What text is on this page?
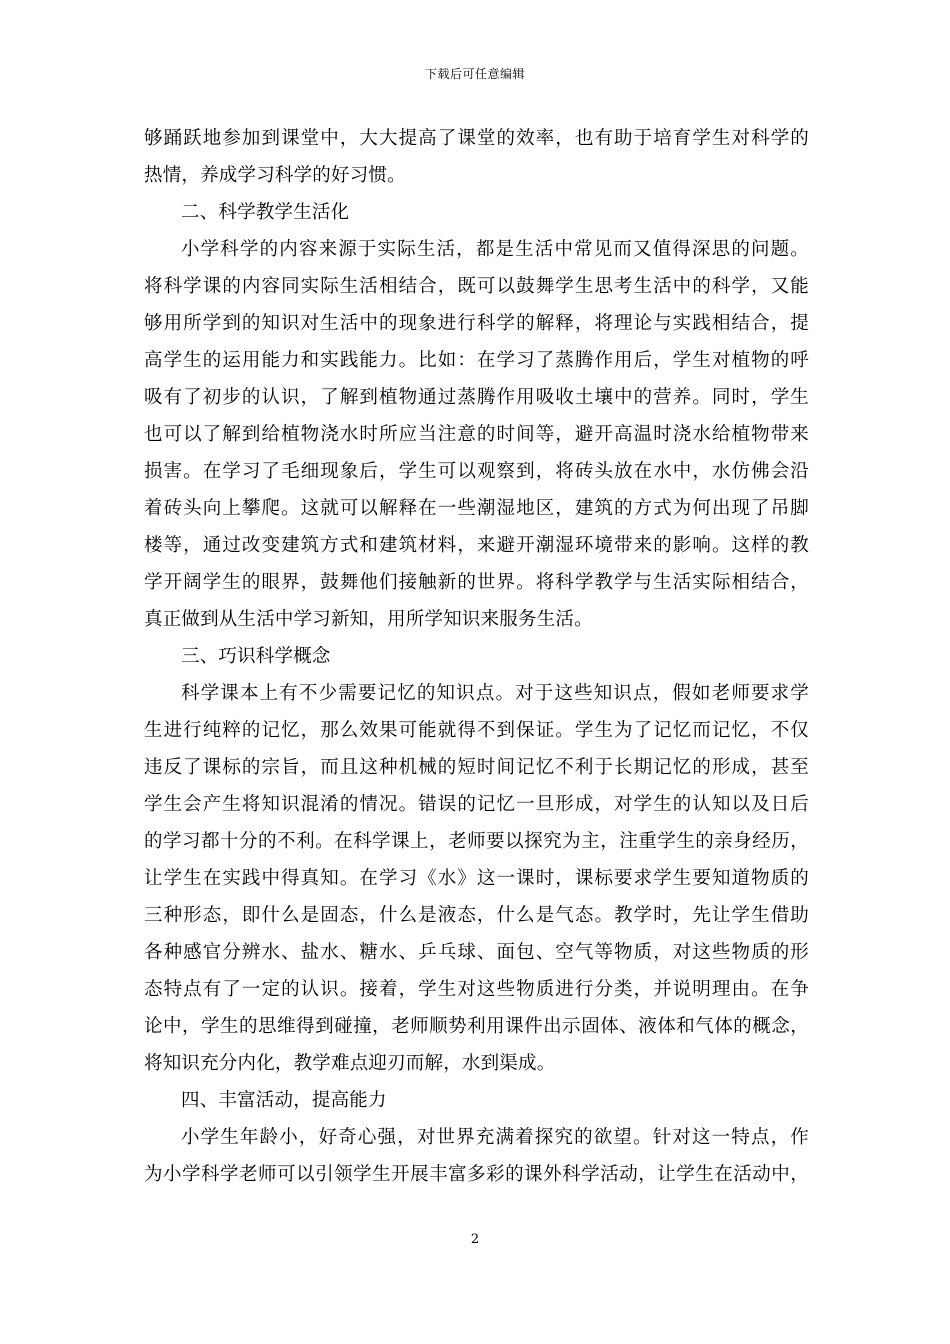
下载后可任意编辑
够踊跃地参加到课堂中，大大提高了课堂的效率，也有助于培育学生对科学的
热情，养成学习科学的好习惯。
二、科学教学生活化
小学科学的内容来源于实际生活，都是生活中常见而又值得深思的问题。
将科学课的内容同实际生活相结合，既可以鼓舞学生思考生活中的科学，又能
够用所学到的知识对生活中的现象进行科学的解释，将理论与实践相结合，提
高学生的运用能力和实践能力。比如：在学习了蒸腾作用后，学生对植物的呼
吸有了初步的认识，了解到植物通过蒸腾作用吸收土壤中的营养。同时，学生
也可以了解到给植物浇水时所应当注意的时间等，避开高温时浇水给植物带来
损害。在学习了毛细现象后，学生可以观察到，将砖头放在水中，水仿佛会沿
着砖头向上攀爬。这就可以解释在一些潮湿地区，建筑的方式为何出现了吊脚
楼等，通过改变建筑方式和建筑材料，来避开潮湿环境带来的影响。这样的教
学开阔学生的眼界，鼓舞他们接触新的世界。将科学教学与生活实际相结合，
真正做到从生活中学习新知，用所学知识来服务生活。
三、巧识科学概念
科学课本上有不少需要记忆的知识点。对于这些知识点，假如老师要求学
生进行纯粹的记忆，那么效果可能就得不到保证。学生为了记忆而记忆，不仅
违反了课标的宗旨，而且这种机械的短时间记忆不利于长期记忆的形成，甚至
学生会产生将知识混淆的情况。错误的记忆一旦形成，对学生的认知以及日后
的学习都十分的不利。在科学课上，老师要以探究为主，注重学生的亲身经历，
让学生在实践中得真知。在学习《水》这一课时，课标要求学生要知道物质的
三种形态，即什么是固态，什么是液态，什么是气态。教学时，先让学生借助
各种感官分辨水、盐水、糖水、乒乓球、面包、空气等物质，对这些物质的形
态特点有了一定的认识。接着，学生对这些物质进行分类，并说明理由。在争
论中，学生的思维得到碰撞，老师顺势利用课件出示固体、液体和气体的概念，
将知识充分内化，教学难点迎刃而解，水到渠成。
四、丰富活动，提高能力
小学生年龄小，好奇心强，对世界充满着探究的欲望。针对这一特点，作
为小学科学老师可以引领学生开展丰富多彩的课外科学活动，让学生在活动中，
2
